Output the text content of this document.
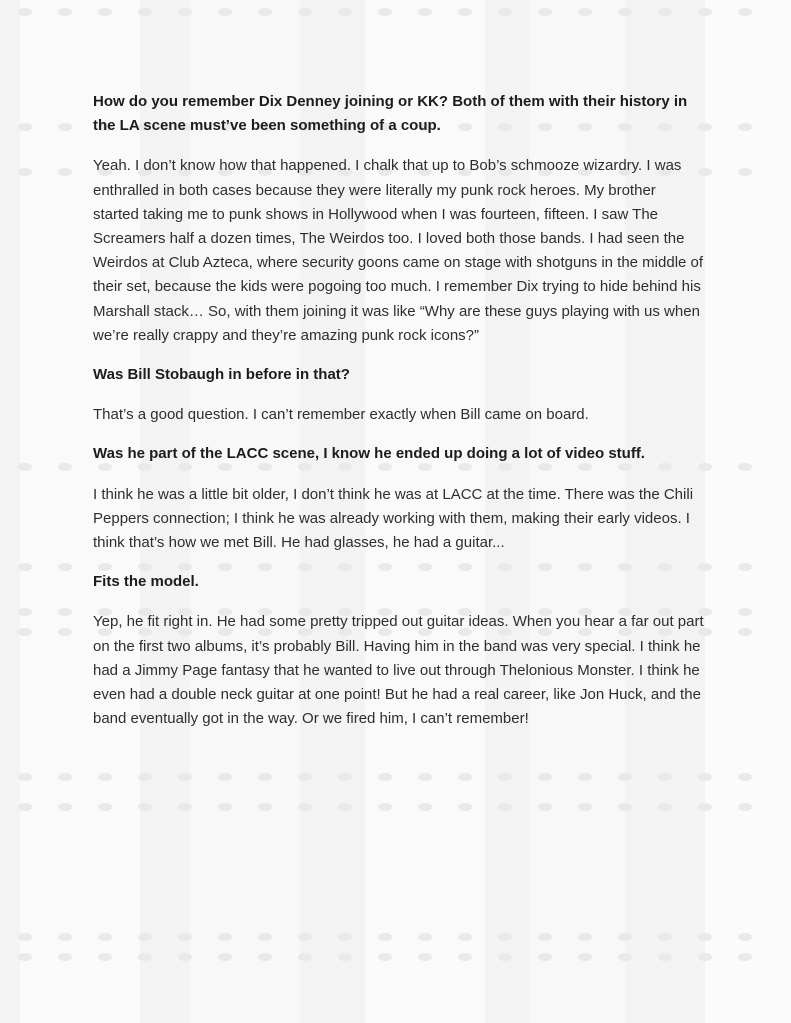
How do you remember Dix Denney joining or KK? Both of them with their history in the LA scene must’ve been something of a coup.

Yeah. I don’t know how that happened. I chalk that up to Bob’s schmooze wizardry. I was enthralled in both cases because they were literally my punk rock heroes. My brother started taking me to punk shows in Hollywood when I was fourteen, fifteen. I saw The Screamers half a dozen times, The Weirdos too. I loved both those bands. I had seen the Weirdos at Club Azteca, where security goons came on stage with shotguns in the middle of their set, because the kids were pogoing too much. I remember Dix trying to hide behind his Marshall stack… So, with them joining it was like “Why are these guys playing with us when we’re really crappy and they’re amazing punk rock icons?”

Was Bill Stobaugh in before in that?

That’s a good question. I can’t remember exactly when Bill came on board.

Was he part of the LACC scene, I know he ended up doing a lot of video stuff.

I think he was a little bit older, I don’t think he was at LACC at the time. There was the Chili Peppers connection; I think he was already working with them, making their early videos. I think that’s how we met Bill. He had glasses, he had a guitar...

Fits the model.

Yep, he fit right in. He had some pretty tripped out guitar ideas. When you hear a far out part on the first two albums, it’s probably Bill. Having him in the band was very special. I think he had a Jimmy Page fantasy that he wanted to live out through Thelonious Monster. I think he even had a double neck guitar at one point! But he had a real career, like Jon Huck, and the band eventually got in the way. Or we fired him, I can’t remember!
